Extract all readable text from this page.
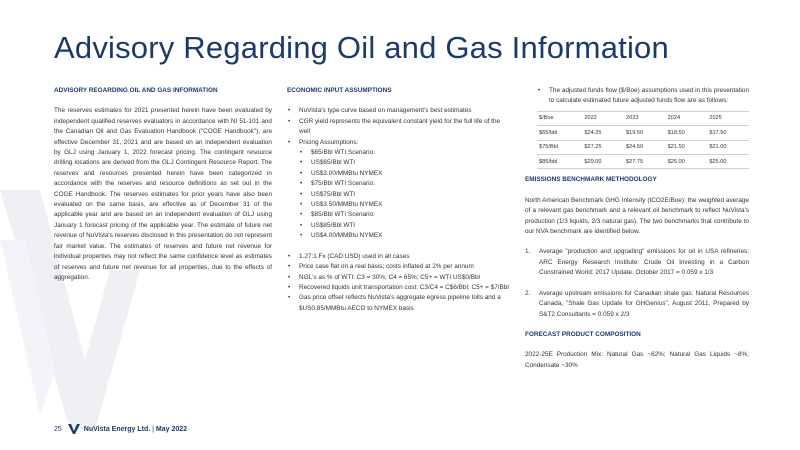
Advisory Regarding Oil and Gas Information
ADVISORY REGARDING OIL AND GAS INFORMATION

The reserves estimates for 2021 presented herein have been evaluated by independent qualified reserves evaluators in accordance with NI 51-101 and the Canadian Oil and Gas Evaluation Handbook ("COGE Handbook"), are effective December 31, 2021 and are based on an independent evaluation by GLJ using January 1, 2022 forecast pricing. The contingent resource drilling locations are derived from the GLJ Contingent Resource Report. The reserves and resources presented herein have been categorized in accordance with the reserves and resource definitions as set out in the COGE Handbook. The reserves estimates for prior years have also been evaluated on the same basis, are effective as of December 31 of the applicable year and are based on an independent evaluation of GLJ using January 1 forecast pricing of the applicable year. The estimate of future net revenue of NuVista's reserves disclosed in this presentation do not represent fair market value. The estimates of reserves and future net revenue for individual properties may not reflect the same confidence level as estimates of reserves and future net revenue for all properties, due to the effects of aggregation.

ECONOMIC INPUT ASSUMPTIONS
• NuVista's type curve based on management's best estimates
• CGR yield represents the equivalent constant yield for the full life of the well
• Pricing Assumptions:
• $65/Bbl WTI Scenario:
• US$65/Bbl WTI
• US$3.00/MMBtu NYMEX
• $75/Bbl WTI Scenario:
• US$75/Bbl WTI
• US$3.50/MMBtu NYMEX
• $85/Bbl WTI Scenario:
• US$85/Bbl WTI
• US$4.00/MMBtu NYMEX
• 1.27:1 Fx (CAD:USD) used in all cases
• Price case flat on a real basis; costs inflated at 2% per annum
• NGL's as % of WTI: C3 = 30%; C4 = 65%; C5+ = WTI US$0/Bbl
• Recovered liquids unit transportation cost: C3/C4 = C$6/Bbl; C5+ = $7/Bbl
• Gas price offset reflects NuVista's aggregate egress pipeline tolls and a $US0.85/MMBtu AECO to NYMEX basis
• The adjusted funds flow ($/Boe) assumptions used in this presentation to calculate estimated future adjusted funds flow are as follows:
$/Boe	2022	2023	2024	2025
$65/bbl	$24.25	$19.50	$18.50	$17.50
$75/Bbl	$27.25	$24.50	$21.50	$21.00
$85/bbl	$29.00	$27.75	$25.00	$25.00
EMISSIONS BENCHMARK METHODOLOGY

North American Benchmark GHG Intensity (tCO2E/Boe): the weighted average of a relevant gas benchmark and a relevant oil benchmark to reflect NuVista's production (1/3 liquids, 2/3 natural gas). The two benchmarks that contribute to our NVA benchmark are identified below.

1. Average "production and upgrading" emissions for oil in USA refineries: ARC Energy Research Institute: Crude Oil Investing in a Carbon Constrained World: 2017 Update. October 2017 = 0.059 x 1/3
2. Average upstream emissions for Canadian shale gas: Natural Resources Canada, "Shale Gas Update for GHGenius", August 2011, Prepared by S&T2 Consultants = 0.059 x 2/3
FORECAST PRODUCT COMPOSITION

2022-25E Production Mix: Natural Gas ~62%; Natural Gas Liquids ~8%; Condensate ~30%

25	NuVista Energy Ltd. | May 2022
